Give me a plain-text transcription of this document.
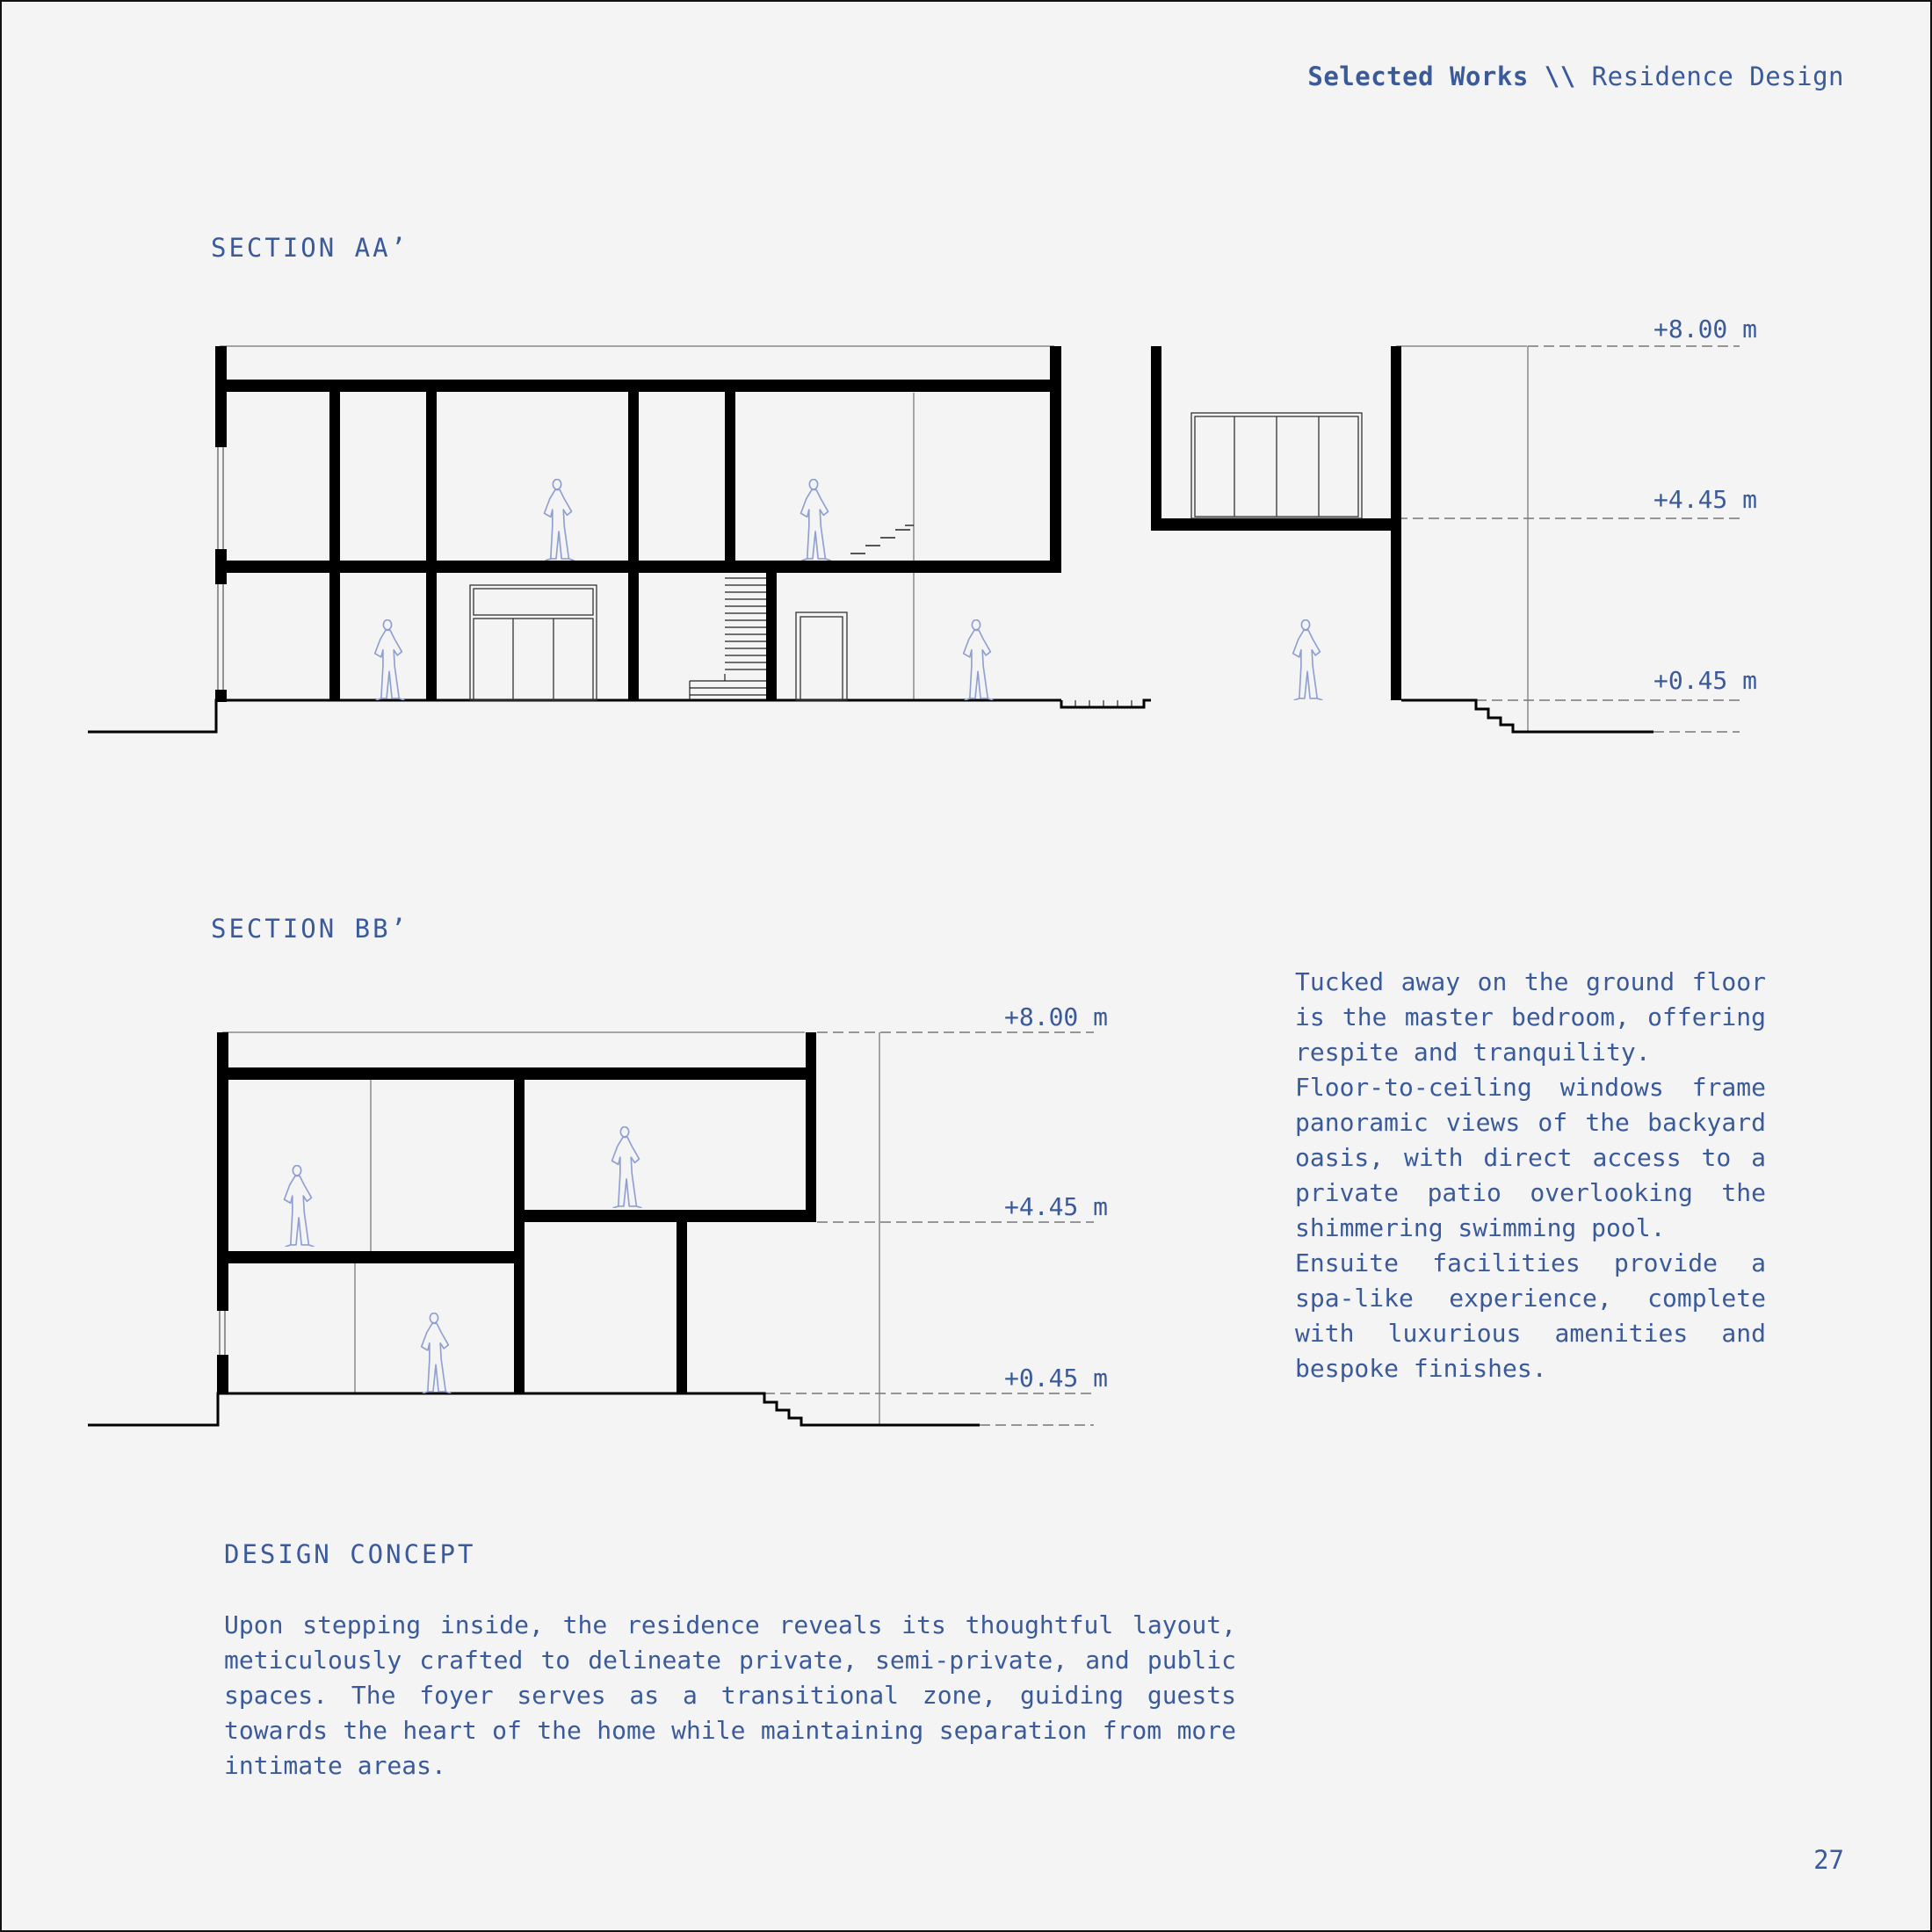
Selected Works \\ Residence Design
SECTION AA’
SECTION BB’
+8.00 m
+4.45 m
+0.45 m
+8.00 m
+4.45 m
+0.45 m

Tucked away on the ground floor is the master bedroom, offering respite and tranquility.

Floor-to-ceiling windows frame panoramic views of the backyard oasis, with direct access to a private patio overlooking the shimmering swimming pool.

Ensuite facilities provide a spa-like experience, complete with luxurious amenities and bespoke finishes.

DESIGN CONCEPT

Upon stepping inside, the residence reveals its thoughtful layout, meticulously crafted to delineate private, semi-private, and public spaces. The foyer serves as a transitional zone, guiding guests towards the heart of the home while maintaining separation from more intimate areas.

27
